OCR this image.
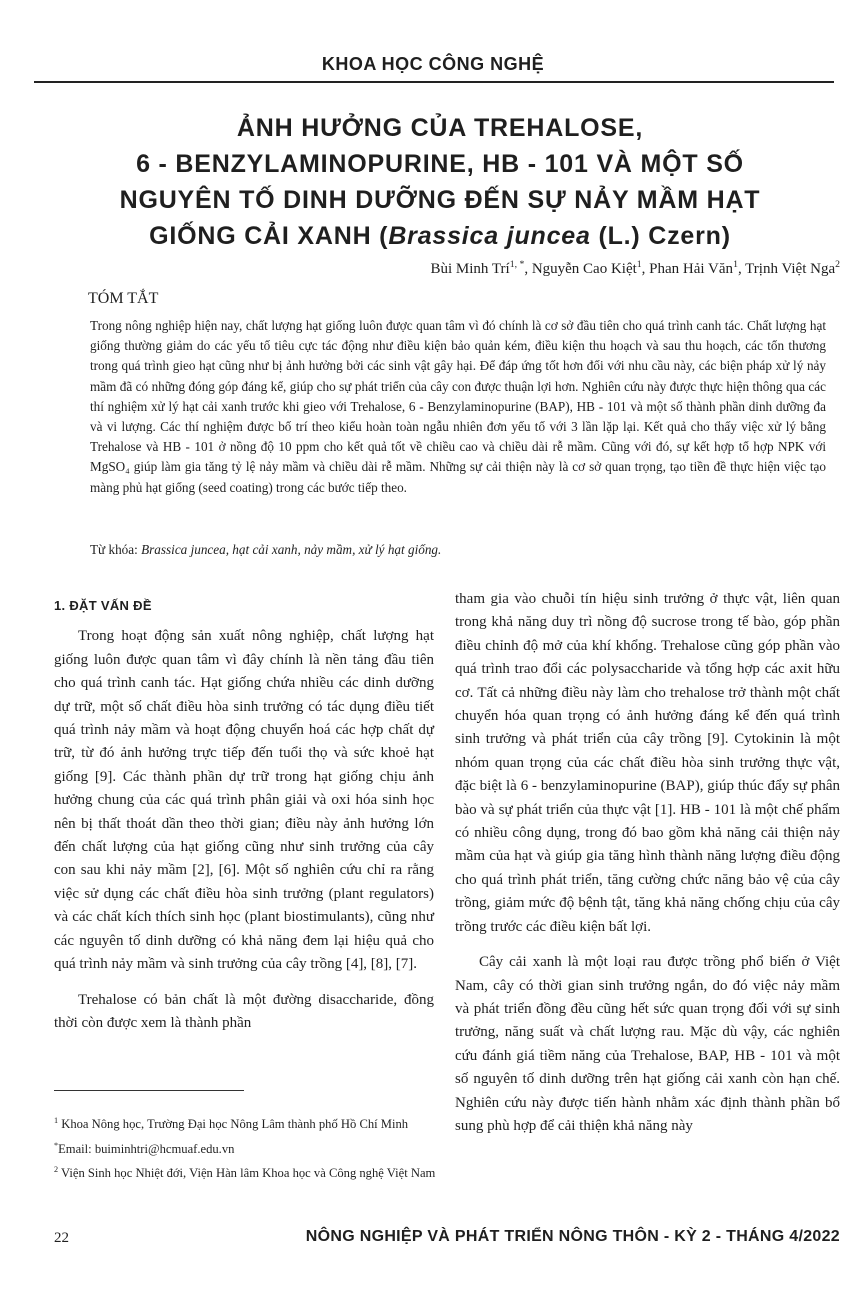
KHOA HỌC CÔNG NGHỆ
ẢNH HƯỞNG CỦA TREHALOSE,
6 - BENZYLAMINOPURINE, HB - 101 VÀ MỘT SỐ
NGUYÊN TỐ DINH DƯỠNG ĐẾN SỰ NẢY MẦM HẠT
GIỐNG CẢI XANH (Brassica juncea (L.) Czern)
Bùi Minh Trí$^{1, *}$, Nguyễn Cao Kiệt$^1$, Phan Hải Văn$^1$, Trịnh Việt Nga$^2$
TÓM TẮT
Trong nông nghiệp hiện nay, chất lượng hạt giống luôn được quan tâm vì đó chính là cơ sở đầu tiên cho quá trình canh tác. Chất lượng hạt giống thường giảm do các yếu tố tiêu cực tác động như điều kiện bảo quản kém, điều kiện thu hoạch và sau thu hoạch, các tổn thương trong quá trình gieo hạt cũng như bị ảnh hưởng bởi các sinh vật gây hại. Để đáp ứng tốt hơn đối với nhu cầu này, các biện pháp xử lý nảy mầm đã có những đóng góp đáng kể, giúp cho sự phát triển của cây con được thuận lợi hơn. Nghiên cứu này được thực hiện thông qua các thí nghiệm xử lý hạt cải xanh trước khi gieo với Trehalose, 6 - Benzylaminopurine (BAP), HB - 101 và một số thành phần dinh dưỡng đa và vi lượng. Các thí nghiệm được bố trí theo kiểu hoàn toàn ngẫu nhiên đơn yếu tố với 3 lần lặp lại. Kết quả cho thấy việc xử lý bằng Trehalose và HB - 101 ở nồng độ 10 ppm cho kết quả tốt về chiều cao và chiều dài rễ mầm. Cũng với đó, sự kết hợp tổ hợp NPK với MgSO₄ giúp làm gia tăng tỷ lệ nảy mầm và chiều dài rễ mầm. Những sự cải thiện này là cơ sở quan trọng, tạo tiền đề thực hiện việc tạo màng phủ hạt giống (seed coating) trong các bước tiếp theo.
Từ khóa: Brassica juncea, hạt cải xanh, nảy mầm, xử lý hạt giống.
1. ĐẶT VẤN ĐỀ

Trong hoạt động sản xuất nông nghiệp, chất lượng hạt giống luôn được quan tâm vì đây chính là nền tảng đầu tiên cho quá trình canh tác. Hạt giống chứa nhiều các dinh dưỡng dự trữ, một số chất điều hòa sinh trưởng có tác dụng điều tiết quá trình nảy mầm và hoạt động chuyển hoá các hợp chất dự trữ, từ đó ảnh hưởng trực tiếp đến tuổi thọ và sức khoẻ hạt giống [9]. Các thành phần dự trữ trong hạt giống chịu ảnh hưởng chung của các quá trình phân giải và oxi hóa sinh học nên bị thất thoát dần theo thời gian; điều này ảnh hưởng lớn đến chất lượng của hạt giống cũng như sinh trưởng của cây con sau khi nảy mầm [2], [6]. Một số nghiên cứu chỉ ra rằng việc sử dụng các chất điều hòa sinh trưởng (plant regulators) và các chất kích thích sinh học (plant biostimulants), cũng như các nguyên tố dinh dưỡng có khả năng đem lại hiệu quả cho quá trình nảy mầm và sinh trưởng của cây trồng [4], [8], [7].

Trehalose có bản chất là một đường disaccharide, đồng thời còn được xem là thành phần

tham gia vào chuỗi tín hiệu sinh trưởng ở thực vật, liên quan trong khả năng duy trì nồng độ sucrose trong tế bào, góp phần điều chỉnh độ mở của khí khổng. Trehalose cũng góp phần vào quá trình trao đổi các polysaccharide và tổng hợp các axit hữu cơ. Tất cả những điều này làm cho trehalose trở thành một chất chuyển hóa quan trọng có ảnh hưởng đáng kể đến quá trình sinh trưởng và phát triển của cây trồng [9]. Cytokinin là một nhóm quan trọng của các chất điều hòa sinh trưởng thực vật, đặc biệt là 6 - benzylaminopurine (BAP), giúp thúc đẩy sự phân bào và sự phát triển của thực vật [1]. HB - 101 là một chế phẩm có nhiều công dụng, trong đó bao gồm khả năng cải thiện nảy mầm của hạt và giúp gia tăng hình thành năng lượng điều động cho quá trình phát triển, tăng cường chức năng bảo vệ của cây trồng, giảm mức độ bệnh tật, tăng khả năng chống chịu của cây trồng trước các điều kiện bất lợi.

Cây cải xanh là một loại rau được trồng phổ biến ở Việt Nam, cây có thời gian sinh trưởng ngắn, do đó việc nảy mầm và phát triển đồng đều cũng hết sức quan trọng đối với sự sinh trưởng, năng suất và chất lượng rau. Mặc dù vậy, các nghiên cứu đánh giá tiềm năng của Trehalose, BAP, HB - 101 và một số nguyên tố dinh dưỡng trên hạt giống cải xanh còn hạn chế. Nghiên cứu này được tiến hành nhằm xác định thành phần bổ sung phù hợp để cải thiện khả năng này

$^1$ Khoa Nông học, Trường Đại học Nông Lâm thành phố Hồ Chí Minh

*Email: buiminhtri@hcmuaf.edu.vn

$^2$ Viện Sinh học Nhiệt đới, Viện Hàn lâm Khoa học và Công nghệ Việt Nam

22	NÔNG NGHIỆP VÀ PHÁT TRIỂN NÔNG THÔN - KỲ 2 - THÁNG 4/2022
